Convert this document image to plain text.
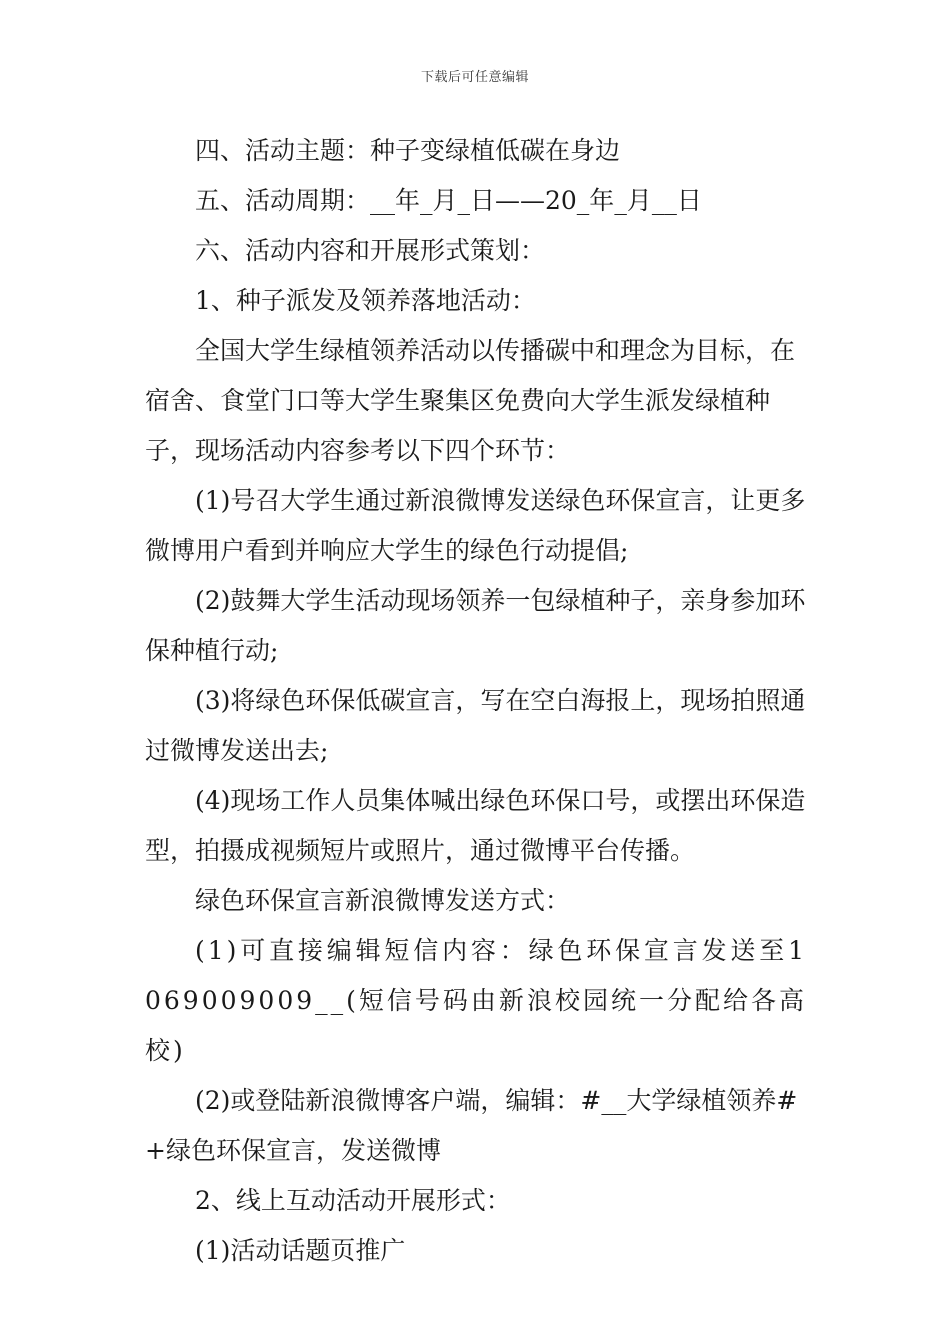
下载后可任意编辑

四、活动主题：种子变绿植低碳在身边

五、活动周期：__年_月_日——20_年_月__日

六、活动内容和开展形式策划：

1、种子派发及领养落地活动：

全国大学生绿植领养活动以传播碳中和理念为目标，在宿舍、食堂门口等大学生聚集区免费向大学生派发绿植种子，现场活动内容参考以下四个环节：

(1)号召大学生通过新浪微博发送绿色环保宣言，让更多微博用户看到并响应大学生的绿色行动提倡;

(2)鼓舞大学生活动现场领养一包绿植种子，亲身参加环保种植行动;

(3)将绿色环保低碳宣言，写在空白海报上，现场拍照通过微博发送出去;

(4)现场工作人员集体喊出绿色环保口号，或摆出环保造型，拍摄成视频短片或照片，通过微博平台传播。

绿色环保宣言新浪微博发送方式：

(1)可直接编辑短信内容：绿色环保宣言发送至1069009009__(短信号码由新浪校园统一分配给各高校)

(2)或登陆新浪微博客户端，编辑：#__大学绿植领养#+绿色环保宣言，发送微博

2、线上互动活动开展形式：

(1)活动话题页推广
